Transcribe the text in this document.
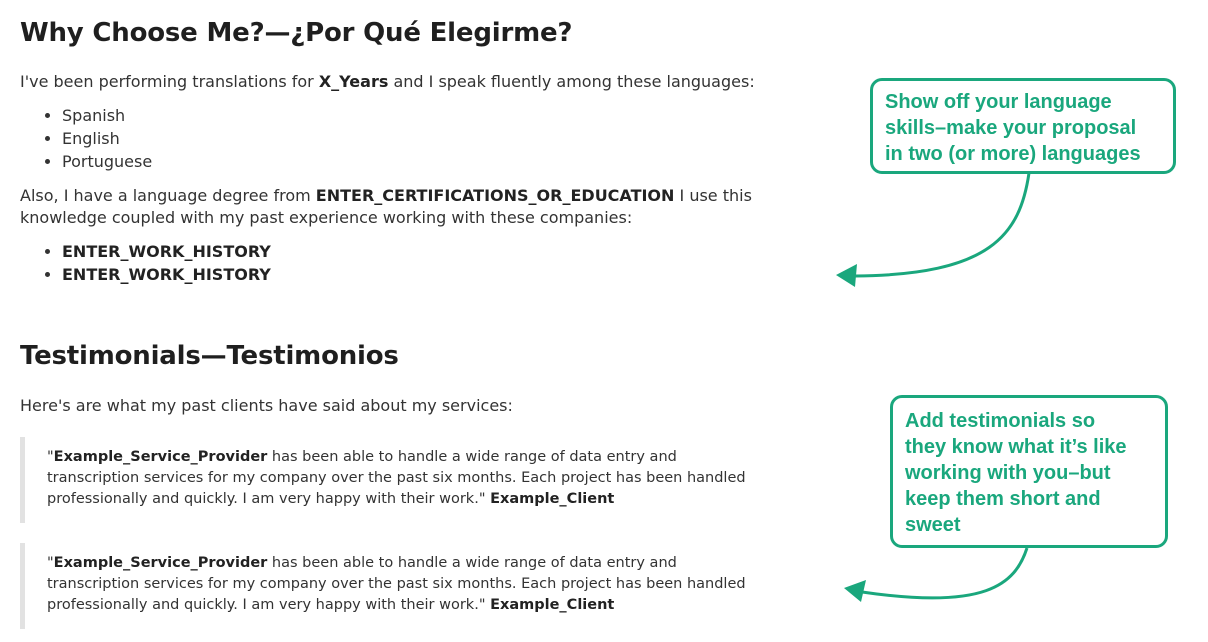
Why Choose Me?—¿Por Qué Elegirme?

I've been performing translations for X_Years and I speak fluently among these languages:

• Spanish
• English
• Portuguese

Also, I have a language degree from ENTER_CERTIFICATIONS_OR_EDUCATION I use this
knowledge coupled with my past experience working with these companies:

• ENTER_WORK_HISTORY
• ENTER_WORK_HISTORY
Testimonials—Testimonios

Here's are what my past clients have said about my services:

"Example_Service_Provider has been able to handle a wide range of data entry and
transcription services for my company over the past six months. Each project has been handled
professionally and quickly. I am very happy with their work." Example_Client
"Example_Service_Provider has been able to handle a wide range of data entry and
transcription services for my company over the past six months. Each project has been handled
professionally and quickly. I am very happy with their work." Example_Client
Show off your language
skills–make your proposal
in two (or more) languages
Add testimonials so
they know what it’s like
working with you–but
keep them short and
sweet
